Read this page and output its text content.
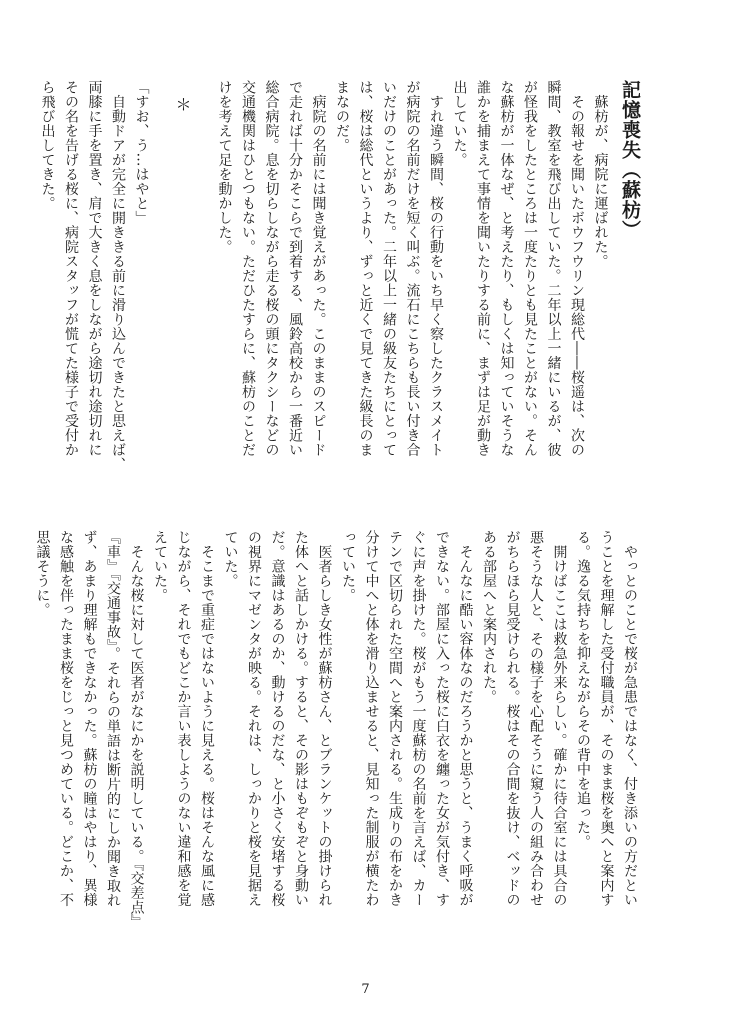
記憶喪失（蘇枋）
　蘇枋が、病院に運ばれた。
　その報せを聞いたボウフウリン現総代――桜遥は、次の
瞬間、教室を飛び出していた。二年以上一緒にいるが、彼
が怪我をしたところは一度たりとも見たことがない。そん
な蘇枋が一体なぜ、と考えたり、もしくは知っていそうな
誰かを捕まえて事情を聞いたりする前に、まずは足が動き
出していた。
　すれ違う瞬間、桜の行動をいち早く察したクラスメイト
が病院の名前だけを短く叫ぶ。流石にこちらも長い付き合
いだけのことがあった。二年以上一緒の級友たちにとって
は、桜は総代というより、ずっと近くで見てきた級長のま
まなのだ。
　病院の名前には聞き覚えがあった。このままのスピード
で走れば十分かそこらで到着する、風鈴高校から一番近い
総合病院。息を切らしながら走る桜の頭にタクシーなどの
交通機関はひとつもない。ただひたすらに、蘇枋のことだ
けを考えて足を動かした。
＊
「すお、う…はやと」
　自動ドアが完全に開ききる前に滑り込んできたと思えば、
両膝に手を置き、肩で大きく息をしながら途切れ途切れに
その名を告げる桜に、病院スタッフが慌てた様子で受付か
ら飛び出してきた。
　やっとのことで桜が急患ではなく、付き添いの方だとい
うことを理解した受付職員が、そのまま桜を奥へと案内す
る。逸る気持ちを抑えながらその背中を追った。
　開けばここは救急外来らしい。確かに待合室には具合の
悪そうな人と、その様子を心配そうに窺う人の組み合わせ
がちらほら見受けられる。桜はその合間を抜け、ベッドの
ある部屋へと案内された。
　そんなに酷い容体なのだろうかと思うと、うまく呼吸が
できない。部屋に入った桜に白衣を纏った女が気付き、す
ぐに声を掛けた。桜がもう一度蘇枋の名前を言えば、カー
テンで区切られた空間へと案内される。生成りの布をかき
分けて中へと体を滑り込ませると、見知った制服が横たわ
っていた。
　医者らしき女性が蘇枋さん、とブランケットの掛けられ
た体へと話しかける。すると、その影はもぞもぞと身動い
だ。意識はあるのか、動けるのだな、と小さく安堵する桜
の視界にマゼンタが映る。それは、しっかりと桜を見据え
ていた。
　そこまで重症ではないように見える。桜はそんな風に感
じながら、それでもどこか言い表しようのない違和感を覚
えていた。
　そんな桜に対して医者がなにかを説明している。『交差点』
『車』『交通事故』。それらの単語は断片的にしか聞き取れ
ず、あまり理解もできなかった。蘇枋の瞳はやはり、異様
な感触を伴ったまま桜をじっと見つめている。どこか、不
思議そうに。
7
